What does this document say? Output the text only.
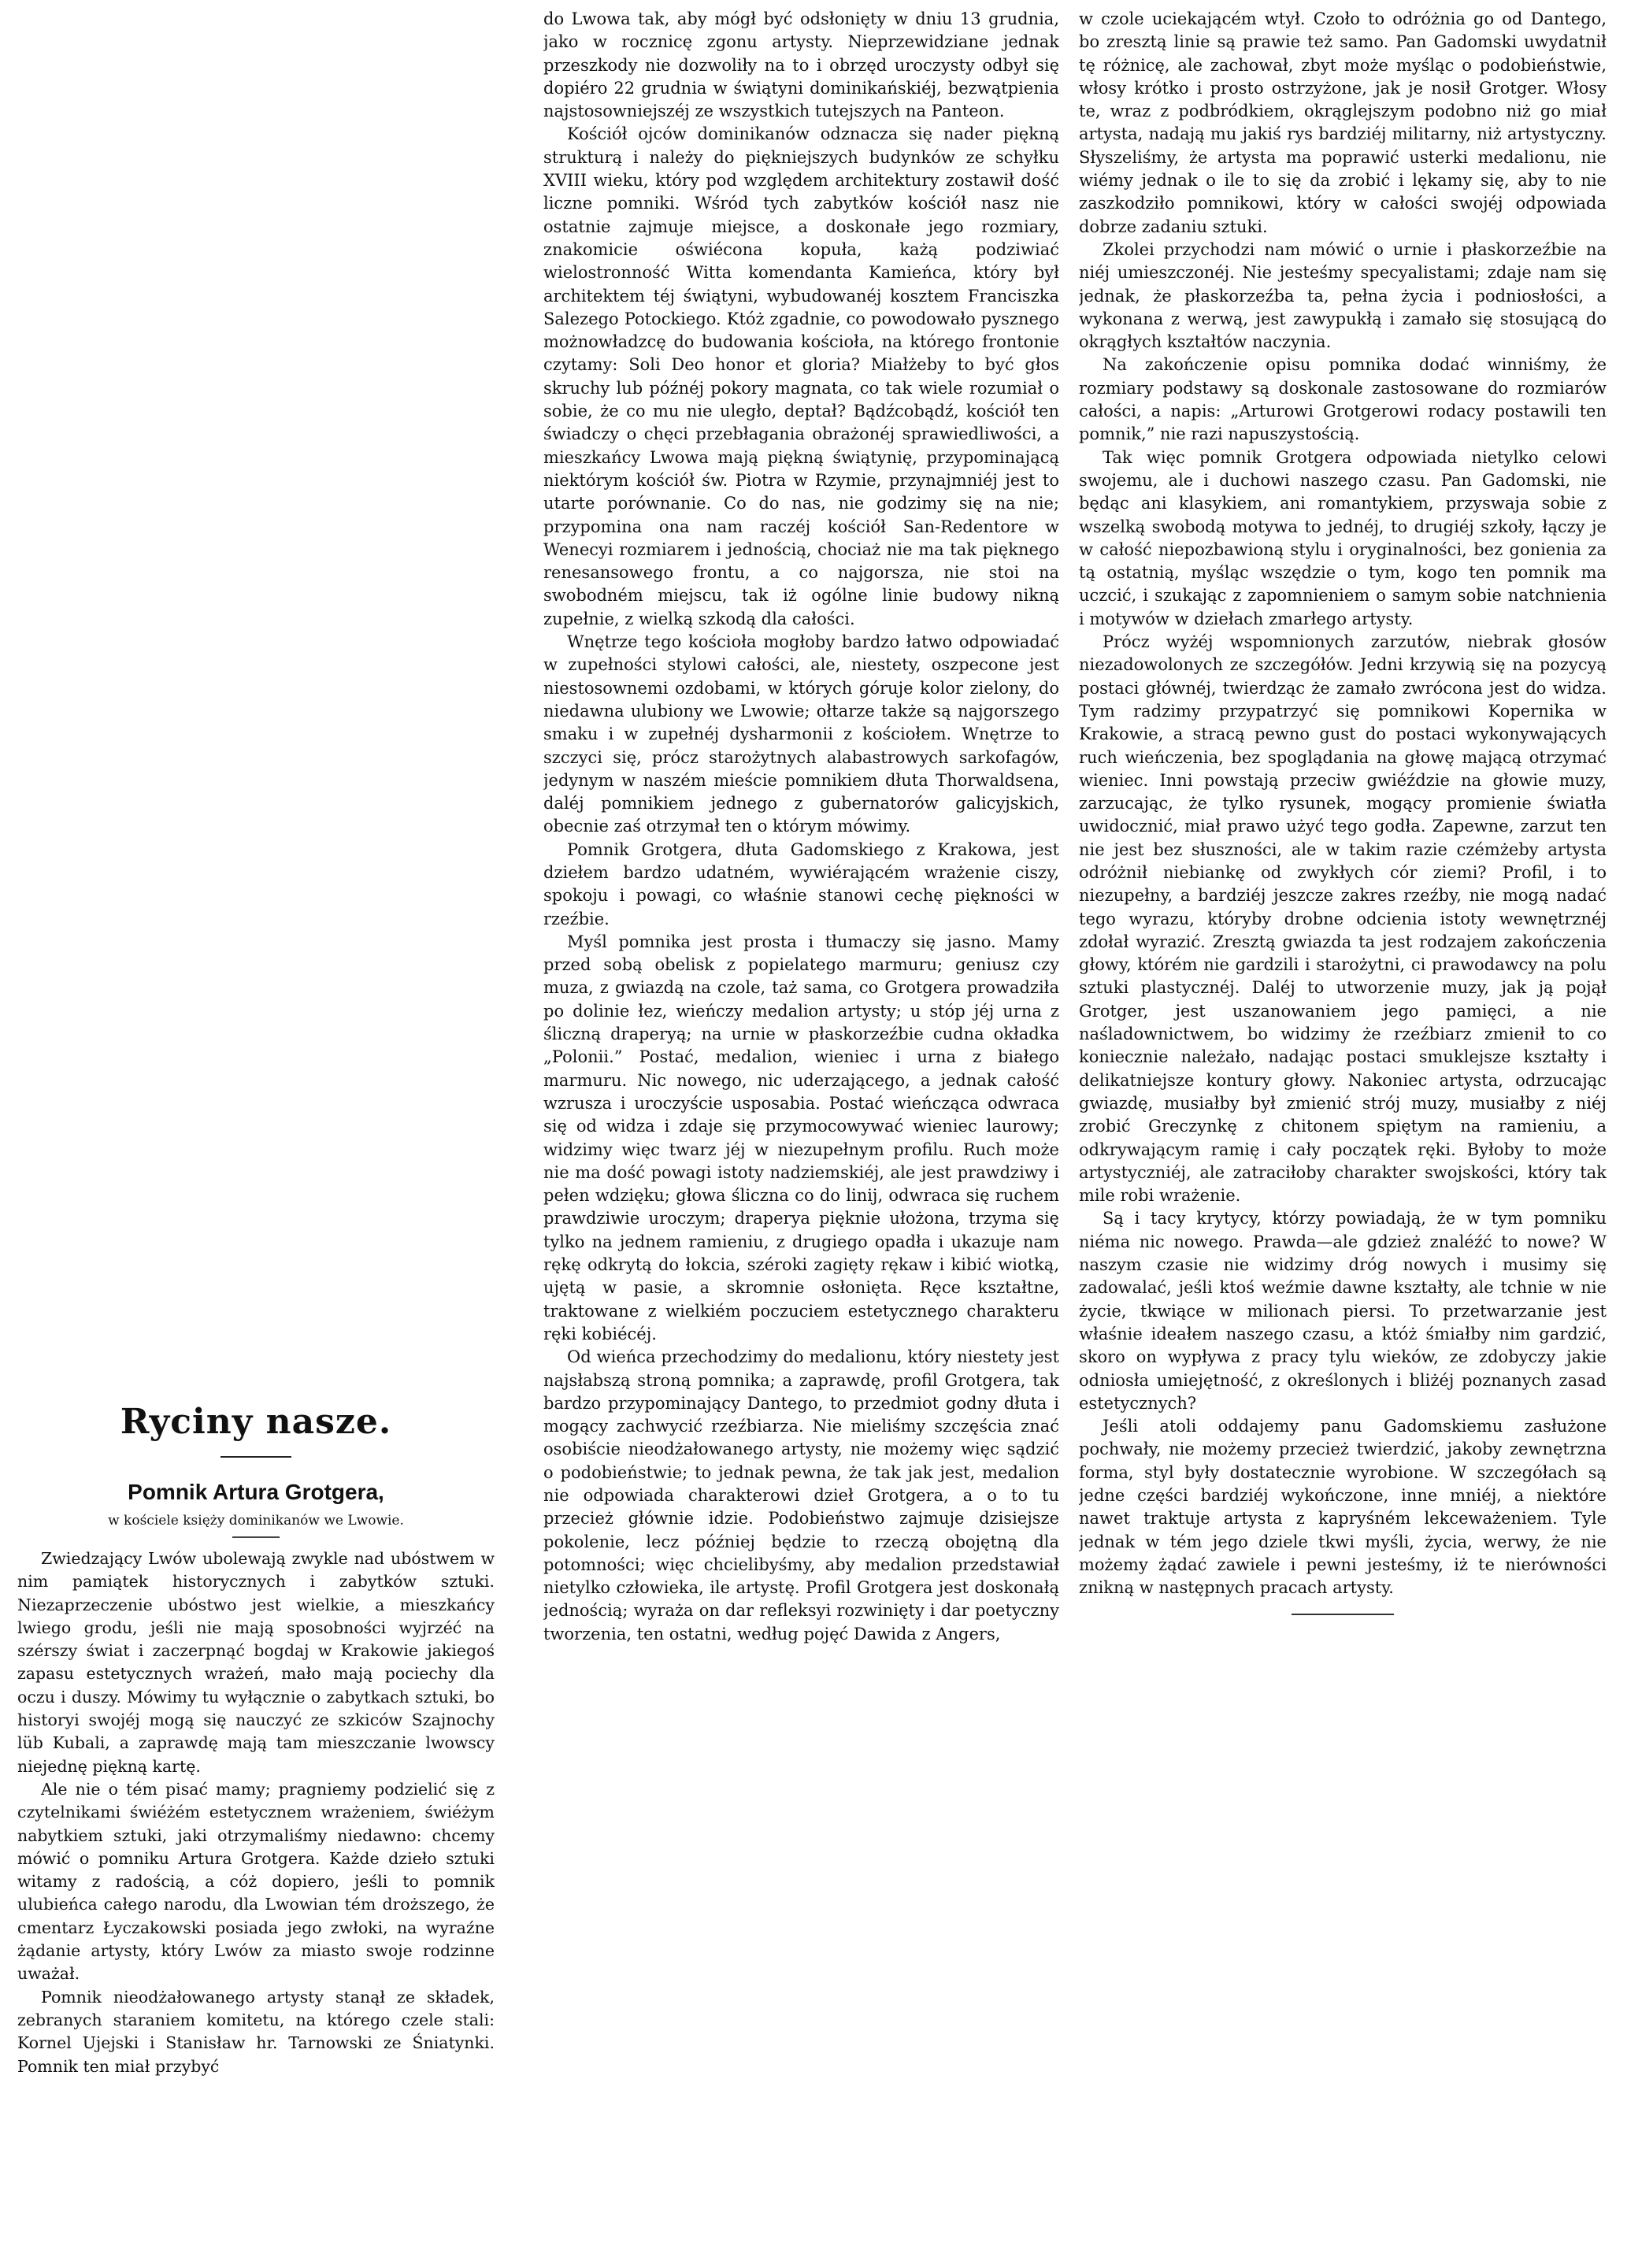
Ryciny nasze.
Pomnik Artura Grotgera,

w kościele księży dominikanów we Lwowie.

Zwiedzający Lwów ubolewają zwykle nad ubóstwem w nim pamiątek historycznych i zabytków sztuki. Niezaprzeczenie ubóstwo jest wielkie, a mieszkańcy lwiego grodu, jeśli nie mają sposobności wyjrzéć na szérszy świat i zaczerpnąć bogdaj w Krakowie jakiegoś zapasu estetycznych wrażeń, mało mają pociechy dla oczu i duszy. Mówimy tu wyłącznie o zabytkach sztuki, bo historyi swojéj mogą się nauczyć ze szkiców Szajnochy lüb Kubali, a zaprawdę mają tam mieszczanie lwowscy niejednę piękną kartę.

Ale nie o tém pisać mamy; pragniemy podzielić się z czytelnikami świéżém estetycznem wrażeniem, świéżym nabytkiem sztuki, jaki otrzymaliśmy niedawno: chcemy mówić o pomniku Artura Grotgera. Każde dzieło sztuki witamy z radością, a cóż dopiero, jeśli to pomnik ulubieńca całego narodu, dla Lwowian tém droższego, że cmentarz Łyczakowski posiada jego zwłoki, na wyraźne żądanie artysty, który Lwów za miasto swoje rodzinne uważał.

Pomnik nieodżałowanego artysty stanął ze składek, zebranych staraniem komitetu, na którego czele stali: Kornel Ujejski i Stanisław hr. Tarnowski ze Śniatynki. Pomnik ten miał przybyć

do Lwowa tak, aby mógł być odsłonięty w dniu 13 grudnia, jako w rocznicę zgonu artysty. Nieprzewidziane jednak przeszkody nie dozwoliły na to i obrzęd uroczysty odbył się dopiéro 22 grudnia w świątyni dominikańskiéj, bezwątpienia najstosowniejszéj ze wszystkich tutejszych na Panteon.

Kościół ojców dominikanów odznacza się nader piękną strukturą i należy do piękniejszych budynków ze schyłku XVIII wieku, który pod względem architektury zostawił dość liczne pomniki. Wśród tych zabytków kościół nasz nie ostatnie zajmuje miejsce, a doskonałe jego rozmiary, znakomicie oświécona kopuła, każą podziwiać wielostronność Witta komendanta Kamieńca, który był architektem téj świątyni, wybudowanéj kosztem Franciszka Salezego Potockiego. Któż zgadnie, co powodowało pysznego możnowładzcę do budowania kościoła, na którego frontonie czytamy: Soli Deo honor et gloria? Miałżeby to być głos skruchy lub późnéj pokory magnata, co tak wiele rozumiał o sobie, że co mu nie uległo, deptał? Bądźcobądź, kościół ten świadczy o chęci przebłagania obrażonéj sprawiedliwości, a mieszkańcy Lwowa mają piękną świątynię, przypominającą niektórym kościół św. Piotra w Rzymie, przynajmniéj jest to utarte porównanie. Co do nas, nie godzimy się na nie; przypomina ona nam raczéj kościół San-Redentore w Wenecyi rozmiarem i jednością, chociaż nie ma tak pięknego renesansowego frontu, a co najgorsza, nie stoi na swobodném miejscu, tak iż ogólne linie budowy nikną zupełnie, z wielką szkodą dla całości.

Wnętrze tego kościoła mogłoby bardzo łatwo odpowiadać w zupełności stylowi całości, ale, niestety, oszpecone jest niestosownemi ozdobami, w których góruje kolor zielony, do niedawna ulubiony we Lwowie; ołtarze także są najgorszego smaku i w zupełnéj dysharmonii z kościołem. Wnętrze to szczyci się, prócz starożytnych alabastrowych sarkofagów, jedynym w naszém mieście pomnikiem dłuta Thorwaldsena, daléj pomnikiem jednego z gubernatorów galicyjskich, obecnie zaś otrzymał ten o którym mówimy.

Pomnik Grotgera, dłuta Gadomskiego z Krakowa, jest dziełem bardzo udatném, wywiérającém wrażenie ciszy, spokoju i powagi, co właśnie stanowi cechę piękności w rzeźbie.

Myśl pomnika jest prosta i tłumaczy się jasno. Mamy przed sobą obelisk z popielatego marmuru; geniusz czy muza, z gwiazdą na czole, taż sama, co Grotgera prowadziła po dolinie łez, wieńczy medalion artysty; u stóp jéj urna z śliczną draperyą; na urnie w płaskorzeźbie cudna okładka „Polonii.” Postać, medalion, wieniec i urna z białego marmuru. Nic nowego, nic uderzającego, a jednak całość wzrusza i uroczyście usposabia. Postać wieńcząca odwraca się od widza i zdaje się przymocowywać wieniec laurowy; widzimy więc twarz jéj w niezupełnym profilu. Ruch może nie ma dość powagi istoty nadziemskiéj, ale jest prawdziwy i pełen wdzięku; głowa śliczna co do linij, odwraca się ruchem prawdziwie uroczym; draperya pięknie ułożona, trzyma się tylko na jednem ramieniu, z drugiego opadła i ukazuje nam rękę odkrytą do łokcia, széroki zagięty rękaw i kibić wiotką, ujętą w pasie, a skromnie osłonięta. Ręce kształtne, traktowane z wielkiém poczuciem estetycznego charakteru ręki kobiécéj.

Od wieńca przechodzimy do medalionu, który niestety jest najsłabszą stroną pomnika; a zaprawdę, profil Grotgera, tak bardzo przypominający Dantego, to przedmiot godny dłuta i mogący zachwycić rzeźbiarza. Nie mieliśmy szczęścia znać osobiście nieodżałowanego artysty, nie możemy więc sądzić o podobieństwie; to jednak pewna, że tak jak jest, medalion nie odpowiada charakterowi dzieł Grotgera, a o to tu przecież głównie idzie. Podobieństwo zajmuje dzisiejsze pokolenie, lecz później będzie to rzeczą obojętną dla potomności; więc chcielibyśmy, aby medalion przedstawiał nietylko człowieka, ile artystę. Profil Grotgera jest doskonałą jednością; wyraża on dar refleksyi rozwinięty i dar poetyczny tworzenia, ten ostatni, według pojęć Dawida z Angers,

w czole uciekającém wtył. Czoło to odróżnia go od Dantego, bo zresztą linie są prawie też samo. Pan Gadomski uwydatnił tę różnicę, ale zachował, zbyt może myśląc o podobieństwie, włosy krótko i prosto ostrzyżone, jak je nosił Grotger. Włosy te, wraz z podbródkiem, okrąglejszym podobno niż go miał artysta, nadają mu jakiś rys bardziéj militarny, niż artystyczny. Słyszeliśmy, że artysta ma poprawić usterki medalionu, nie wiémy jednak o ile to się da zrobić i lękamy się, aby to nie zaszkodziło pomnikowi, który w całości swojéj odpowiada dobrze zadaniu sztuki.

Zkolei przychodzi nam mówić o urnie i płaskorzeźbie na niéj umieszczonéj. Nie jesteśmy specyalistami; zdaje nam się jednak, że płaskorzeźba ta, pełna życia i podniosłości, a wykonana z werwą, jest zawypukłą i zamało się stosującą do okrągłych kształtów naczynia.

Na zakończenie opisu pomnika dodać winniśmy, że rozmiary podstawy są doskonale zastosowane do rozmiarów całości, a napis: „Arturowi Grotgerowi rodacy postawili ten pomnik,” nie razi napuszystością.

Tak więc pomnik Grotgera odpowiada nietylko celowi swojemu, ale i duchowi naszego czasu. Pan Gadomski, nie będąc ani klasykiem, ani romantykiem, przyswaja sobie z wszelką swobodą motywa to jednéj, to drugiéj szkoły, łączy je w całość niepozbawioną stylu i oryginalności, bez gonienia za tą ostatnią, myśląc wszędzie o tym, kogo ten pomnik ma uczcić, i szukając z zapomnieniem o samym sobie natchnienia i motywów w dziełach zmarłego artysty.

Prócz wyżéj wspomnionych zarzutów, niebrak głosów niezadowolonych ze szczegółów. Jedni krzywią się na pozycyą postaci głównéj, twierdząc że zamało zwrócona jest do widza. Tym radzimy przypatrzyć się pomnikowi Kopernika w Krakowie, a stracą pewno gust do postaci wykonywających ruch wieńczenia, bez spoglądania na głowę mającą otrzymać wieniec. Inni powstają przeciw gwiéździe na głowie muzy, zarzucając, że tylko rysunek, mogący promienie światła uwidocznić, miał prawo użyć tego godła. Zapewne, zarzut ten nie jest bez słuszności, ale w takim razie czémżeby artysta odróżnił niebiankę od zwykłych cór ziemi? Profil, i to niezupełny, a bardziéj jeszcze zakres rzeźby, nie mogą nadać tego wyrazu, któryby drobne odcienia istoty wewnętrznéj zdołał wyrazić. Zresztą gwiazda ta jest rodzajem zakończenia głowy, którém nie gardzili i starożytni, ci prawodawcy na polu sztuki plastycznéj. Daléj to utworzenie muzy, jak ją pojął Grotger, jest uszanowaniem jego pamięci, a nie naśladownictwem, bo widzimy że rzeźbiarz zmienił to co koniecznie należało, nadając postaci smuklejsze kształty i delikatniejsze kontury głowy. Nakoniec artysta, odrzucając gwiazdę, musiałby był zmienić strój muzy, musiałby z niéj zrobić Greczynkę z chitonem spiętym na ramieniu, a odkrywającym ramię i cały początek ręki. Byłoby to może artystyczniéj, ale zatraciłoby charakter swojskości, który tak mile robi wrażenie.

Są i tacy krytycy, którzy powiadają, że w tym pomniku niéma nic nowego. Prawda—ale gdzież znaléźć to nowe? W naszym czasie nie widzimy dróg nowych i musimy się zadowalać, jeśli ktoś weźmie dawne kształty, ale tchnie w nie życie, tkwiące w milionach piersi. To przetwarzanie jest właśnie ideałem naszego czasu, a któż śmiałby nim gardzić, skoro on wypływa z pracy tylu wieków, ze zdobyczy jakie odniosła umiejętność, z określonych i bliżéj poznanych zasad estetycznych?

Jeśli atoli oddajemy panu Gadomskiemu zasłużone pochwały, nie możemy przecież twierdzić, jakoby zewnętrzna forma, styl były dostatecznie wyrobione. W szczegółach są jedne części bardziéj wykończone, inne mniéj, a niektóre nawet traktuje artysta z kapryśném lekceważeniem. Tyle jednak w tém jego dziele tkwi myśli, życia, werwy, że nie możemy żądać zawiele i pewni jesteśmy, iż te nierówności znikną w następnych pracach artysty.
